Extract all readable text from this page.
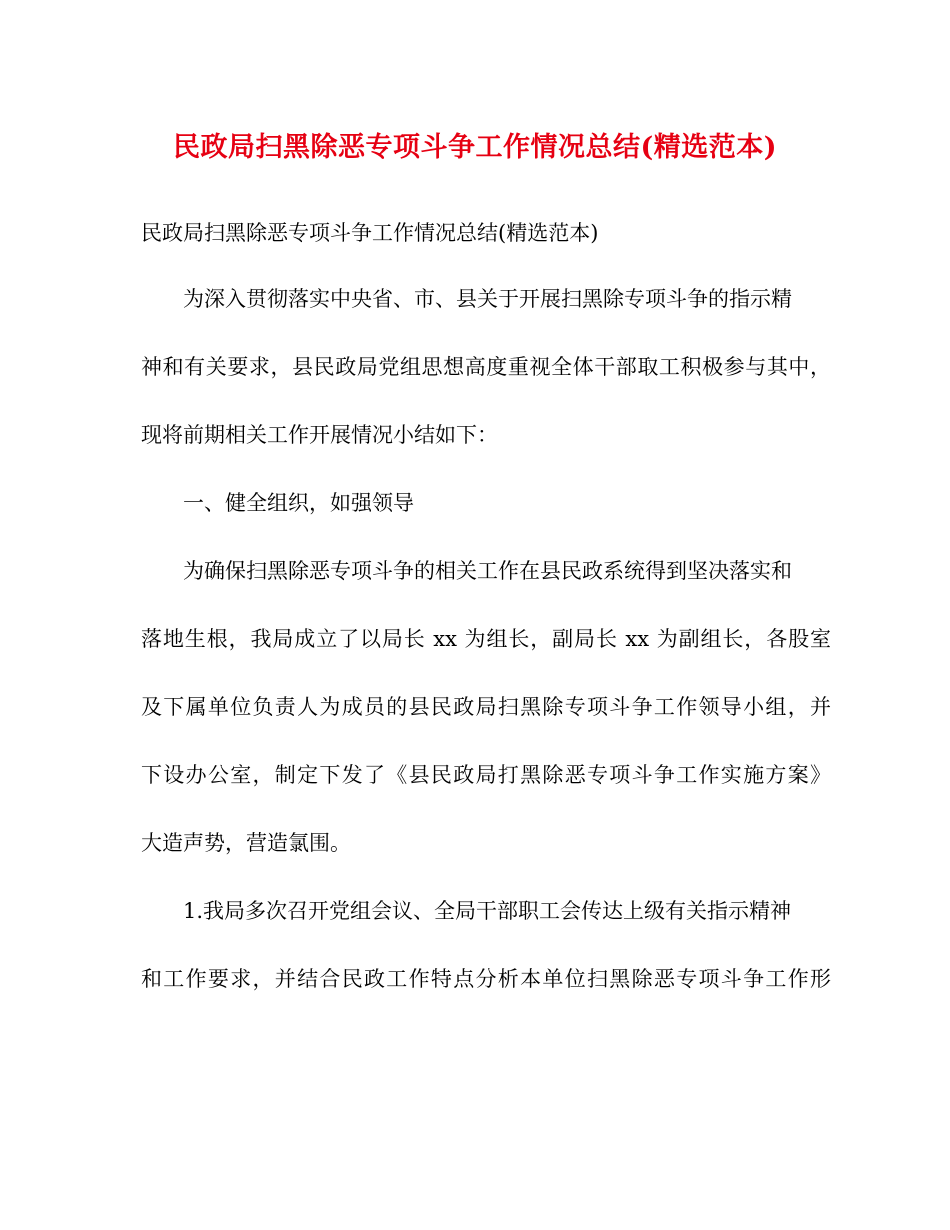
民政局扫黑除恶专项斗争工作情况总结(精选范本)

民政局扫黑除恶专项斗争工作情况总结(精选范本)

为深入贯彻落实中央省、市、县关于开展扫黑除专项斗争的指示精
神和有关要求，县民政局党组思想高度重视全体干部取工积极参与其中，
现将前期相关工作开展情况小结如下：
一、健全组织，如强领导
为确保扫黑除恶专项斗争的相关工作在县民政系统得到坚决落实和
落地生根，我局成立了以局长 xx 为组长，副局长 xx 为副组长，各股室
及下属单位负责人为成员的县民政局扫黑除专项斗争工作领导小组，并
下设办公室，制定下发了《县民政局打黑除恶专项斗争工作实施方案》
大造声势，营造氯围。
1.我局多次召开党组会议、全局干部职工会传达上级有关指示精神
和工作要求，并结合民政工作特点分析本单位扫黑除恶专项斗争工作形
